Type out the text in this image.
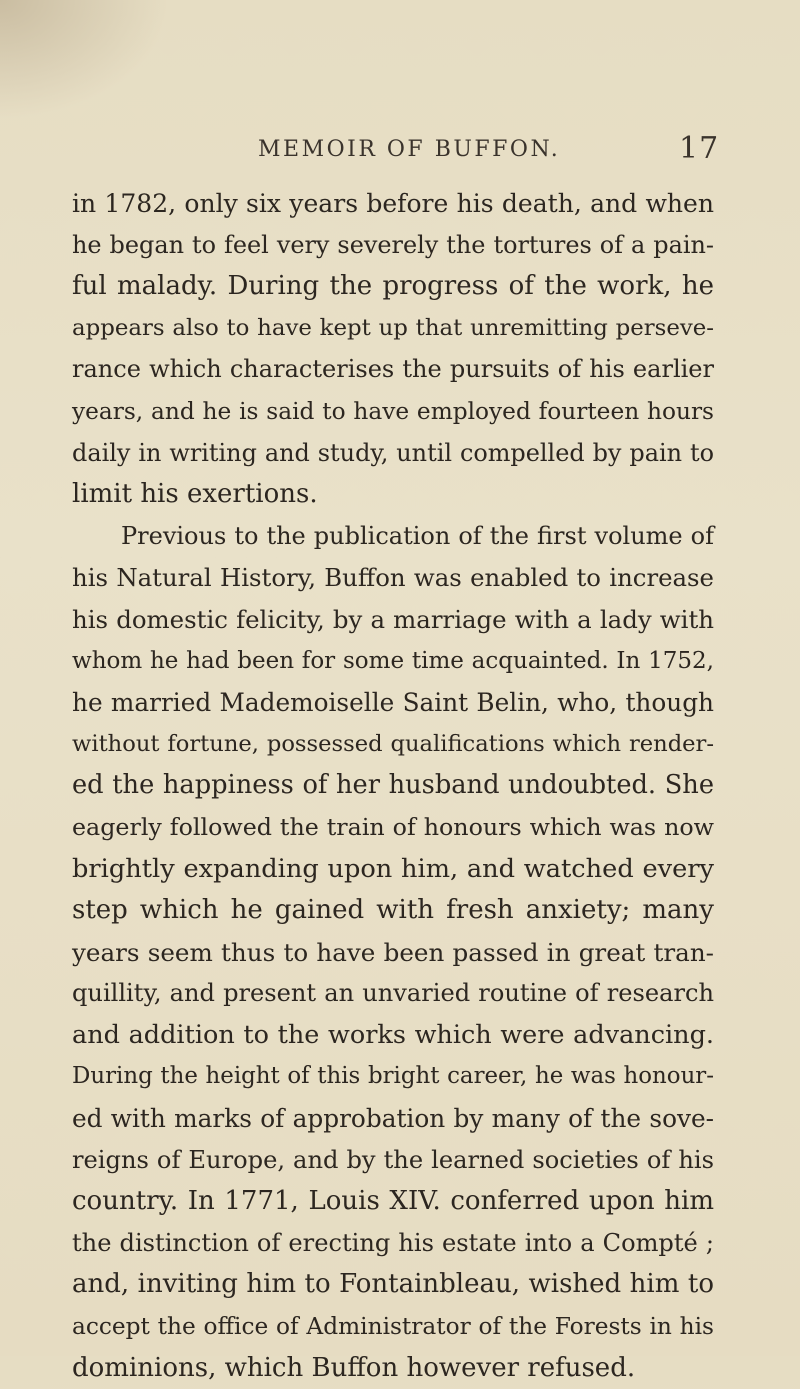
MEMOIR OF BUFFON.	17
in 1782, only six years before his death, and when
he began to feel very severely the tortures of a pain-
ful malady. During the progress of the work, he
appears also to have kept up that unremitting perseve-
rance which characterises the pursuits of his earlier
years, and he is said to have employed fourteen hours
daily in writing and study, until compelled by pain to
limit his exertions.
Previous to the publication of the first volume of
his Natural History, Buffon was enabled to increase
his domestic felicity, by a marriage with a lady with
whom he had been for some time acquainted. In 1752,
he married Mademoiselle Saint Belin, who, though
without fortune, possessed qualifications which render-
ed the happiness of her husband undoubted. She
eagerly followed the train of honours which was now
brightly expanding upon him, and watched every
step which he gained with fresh anxiety; many
years seem thus to have been passed in great tran-
quillity, and present an unvaried routine of research
and addition to the works which were advancing.
During the height of this bright career, he was honour-
ed with marks of approbation by many of the sove-
reigns of Europe, and by the learned societies of his
country. In 1771, Louis XIV. conferred upon him
the distinction of erecting his estate into a Compté ;
and, inviting him to Fontainbleau, wished him to
accept the office of Administrator of the Forests in his
dominions, which Buffon however refused.
